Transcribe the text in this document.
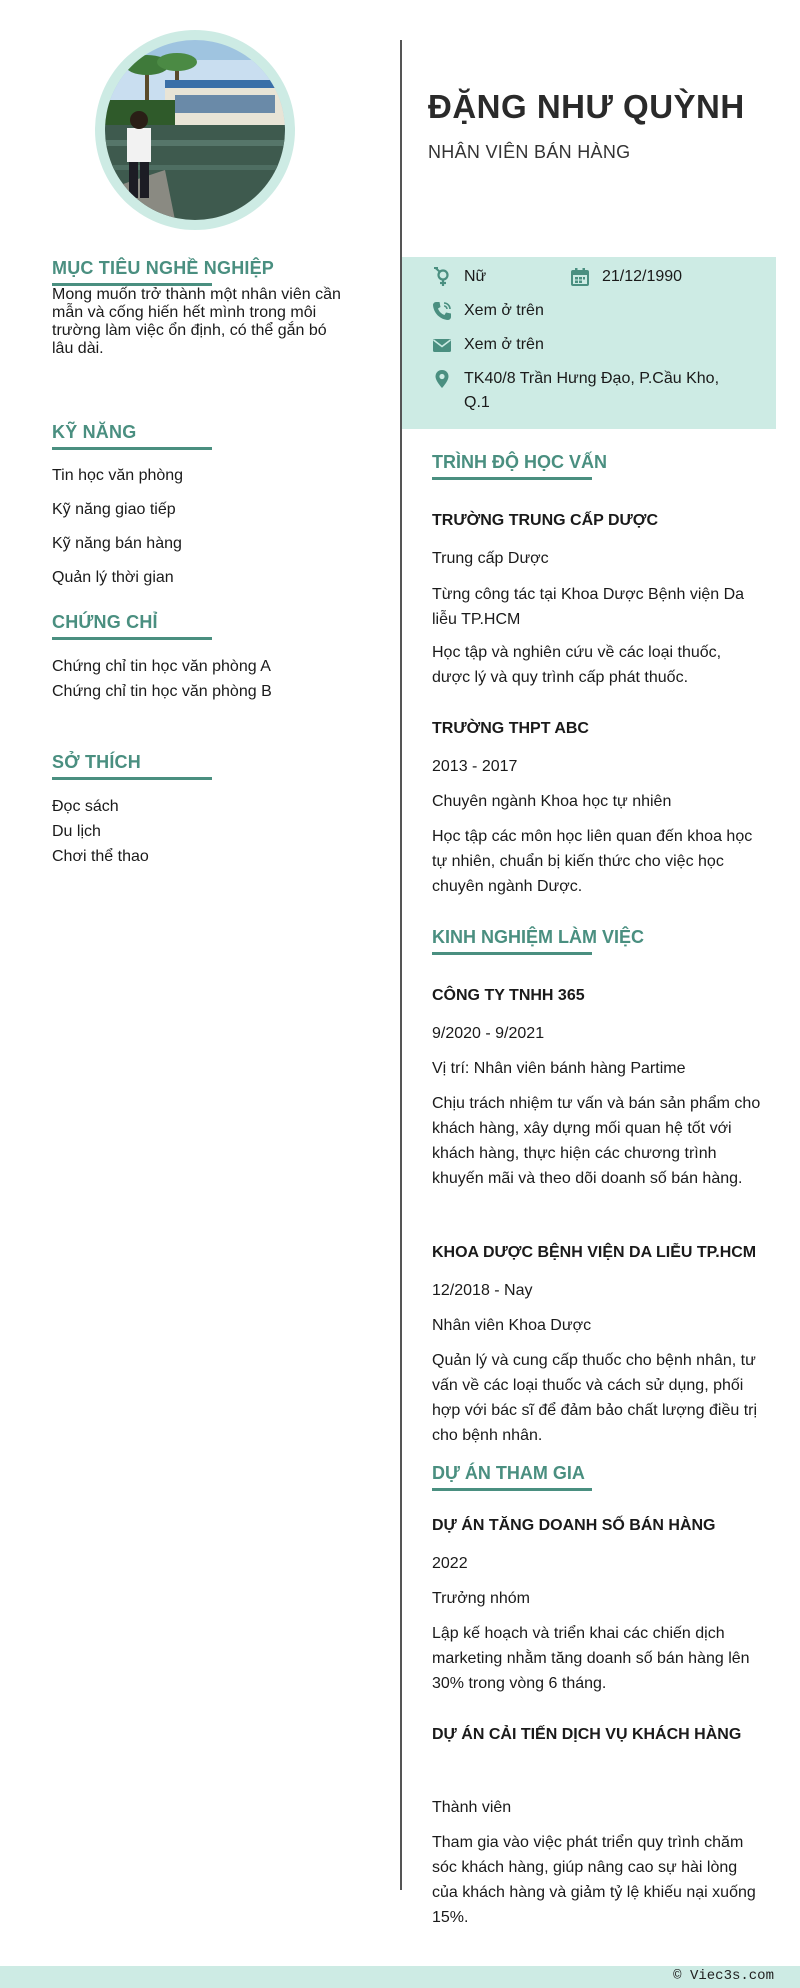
MỤC TIÊU NGHỀ NGHIỆP

Mong muốn trở thành một nhân viên cần mẫn và cống hiến hết mình trong môi trường làm việc ổn định, có thể gắn bó lâu dài.

KỸ NĂNG
Tin học văn phòng
Kỹ năng giao tiếp
Kỹ năng bán hàng
Quản lý thời gian
CHỨNG CHỈ
Chứng chỉ tin học văn phòng A
Chứng chỉ tin học văn phòng B
SỞ THÍCH
Đọc sách
Du lịch
Chơi thể thao
ĐẶNG NHƯ QUỲNH
NHÂN VIÊN BÁN HÀNG
Nữ	21/12/1990
Xem ở trên
Xem ở trên
TK40/8 Trần Hưng Đạo, P.Cầu Kho,
Q.1
TRÌNH ĐỘ HỌC VẤN
TRƯỜNG TRUNG CẤP DƯỢC
Trung cấp Dược
Từng công tác tại Khoa Dược Bệnh viện Da liễu TP.HCM
Học tập và nghiên cứu về các loại thuốc, dược lý và quy trình cấp phát thuốc.
TRƯỜNG THPT ABC
2013 - 2017
Chuyên ngành Khoa học tự nhiên
Học tập các môn học liên quan đến khoa học tự nhiên, chuẩn bị kiến thức cho việc học chuyên ngành Dược.
KINH NGHIỆM LÀM VIỆC
CÔNG TY TNHH 365
9/2020 - 9/2021
Vị trí: Nhân viên bánh hàng Partime
Chịu trách nhiệm tư vấn và bán sản phẩm cho khách hàng, xây dựng mối quan hệ tốt với khách hàng, thực hiện các chương trình khuyến mãi và theo dõi doanh số bán hàng.
KHOA DƯỢC BỆNH VIỆN DA LIỄU TP.HCM
12/2018 - Nay
Nhân viên Khoa Dược
Quản lý và cung cấp thuốc cho bệnh nhân, tư vấn về các loại thuốc và cách sử dụng, phối hợp với bác sĩ để đảm bảo chất lượng điều trị cho bệnh nhân.
DỰ ÁN THAM GIA
DỰ ÁN TĂNG DOANH SỐ BÁN HÀNG
2022
Trưởng nhóm
Lập kế hoạch và triển khai các chiến dịch marketing nhằm tăng doanh số bán hàng lên 30% trong vòng 6 tháng.
DỰ ÁN CẢI TIẾN DỊCH VỤ KHÁCH HÀNG
Thành viên
Tham gia vào việc phát triển quy trình chăm sóc khách hàng, giúp nâng cao sự hài lòng của khách hàng và giảm tỷ lệ khiếu nại xuống 15%.
© Viec3s.com
